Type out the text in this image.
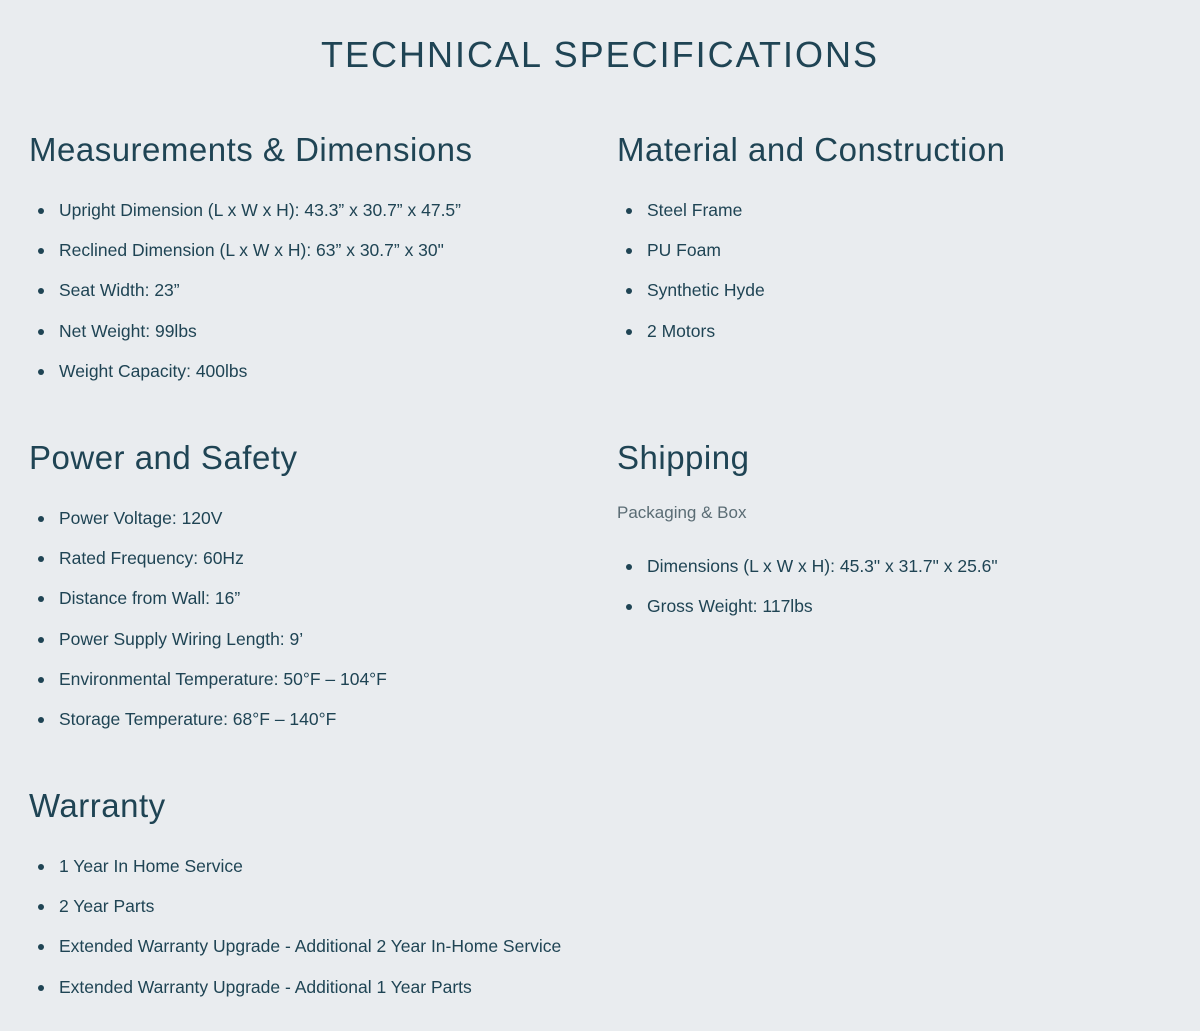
TECHNICAL SPECIFICATIONS
Measurements & Dimensions
Upright Dimension (L x W x H): 43.3” x 30.7” x 47.5”
Reclined Dimension (L x W x H): 63” x 30.7” x 30"
Seat Width: 23”
Net Weight: 99lbs
Weight Capacity: 400lbs
Material and Construction
Steel Frame
PU Foam
Synthetic Hyde
2 Motors
Power and Safety
Power Voltage: 120V
Rated Frequency: 60Hz
Distance from Wall: 16”
Power Supply Wiring Length: 9’
Environmental Temperature: 50°F – 104°F
Storage Temperature: 68°F – 140°F
Shipping

Packaging & Box

Dimensions (L x W x H): 45.3" x 31.7" x 25.6"
Gross Weight: 117lbs
Warranty
1 Year In Home Service
2 Year Parts
Extended Warranty Upgrade - Additional 2 Year In-Home Service
Extended Warranty Upgrade - Additional 1 Year Parts
